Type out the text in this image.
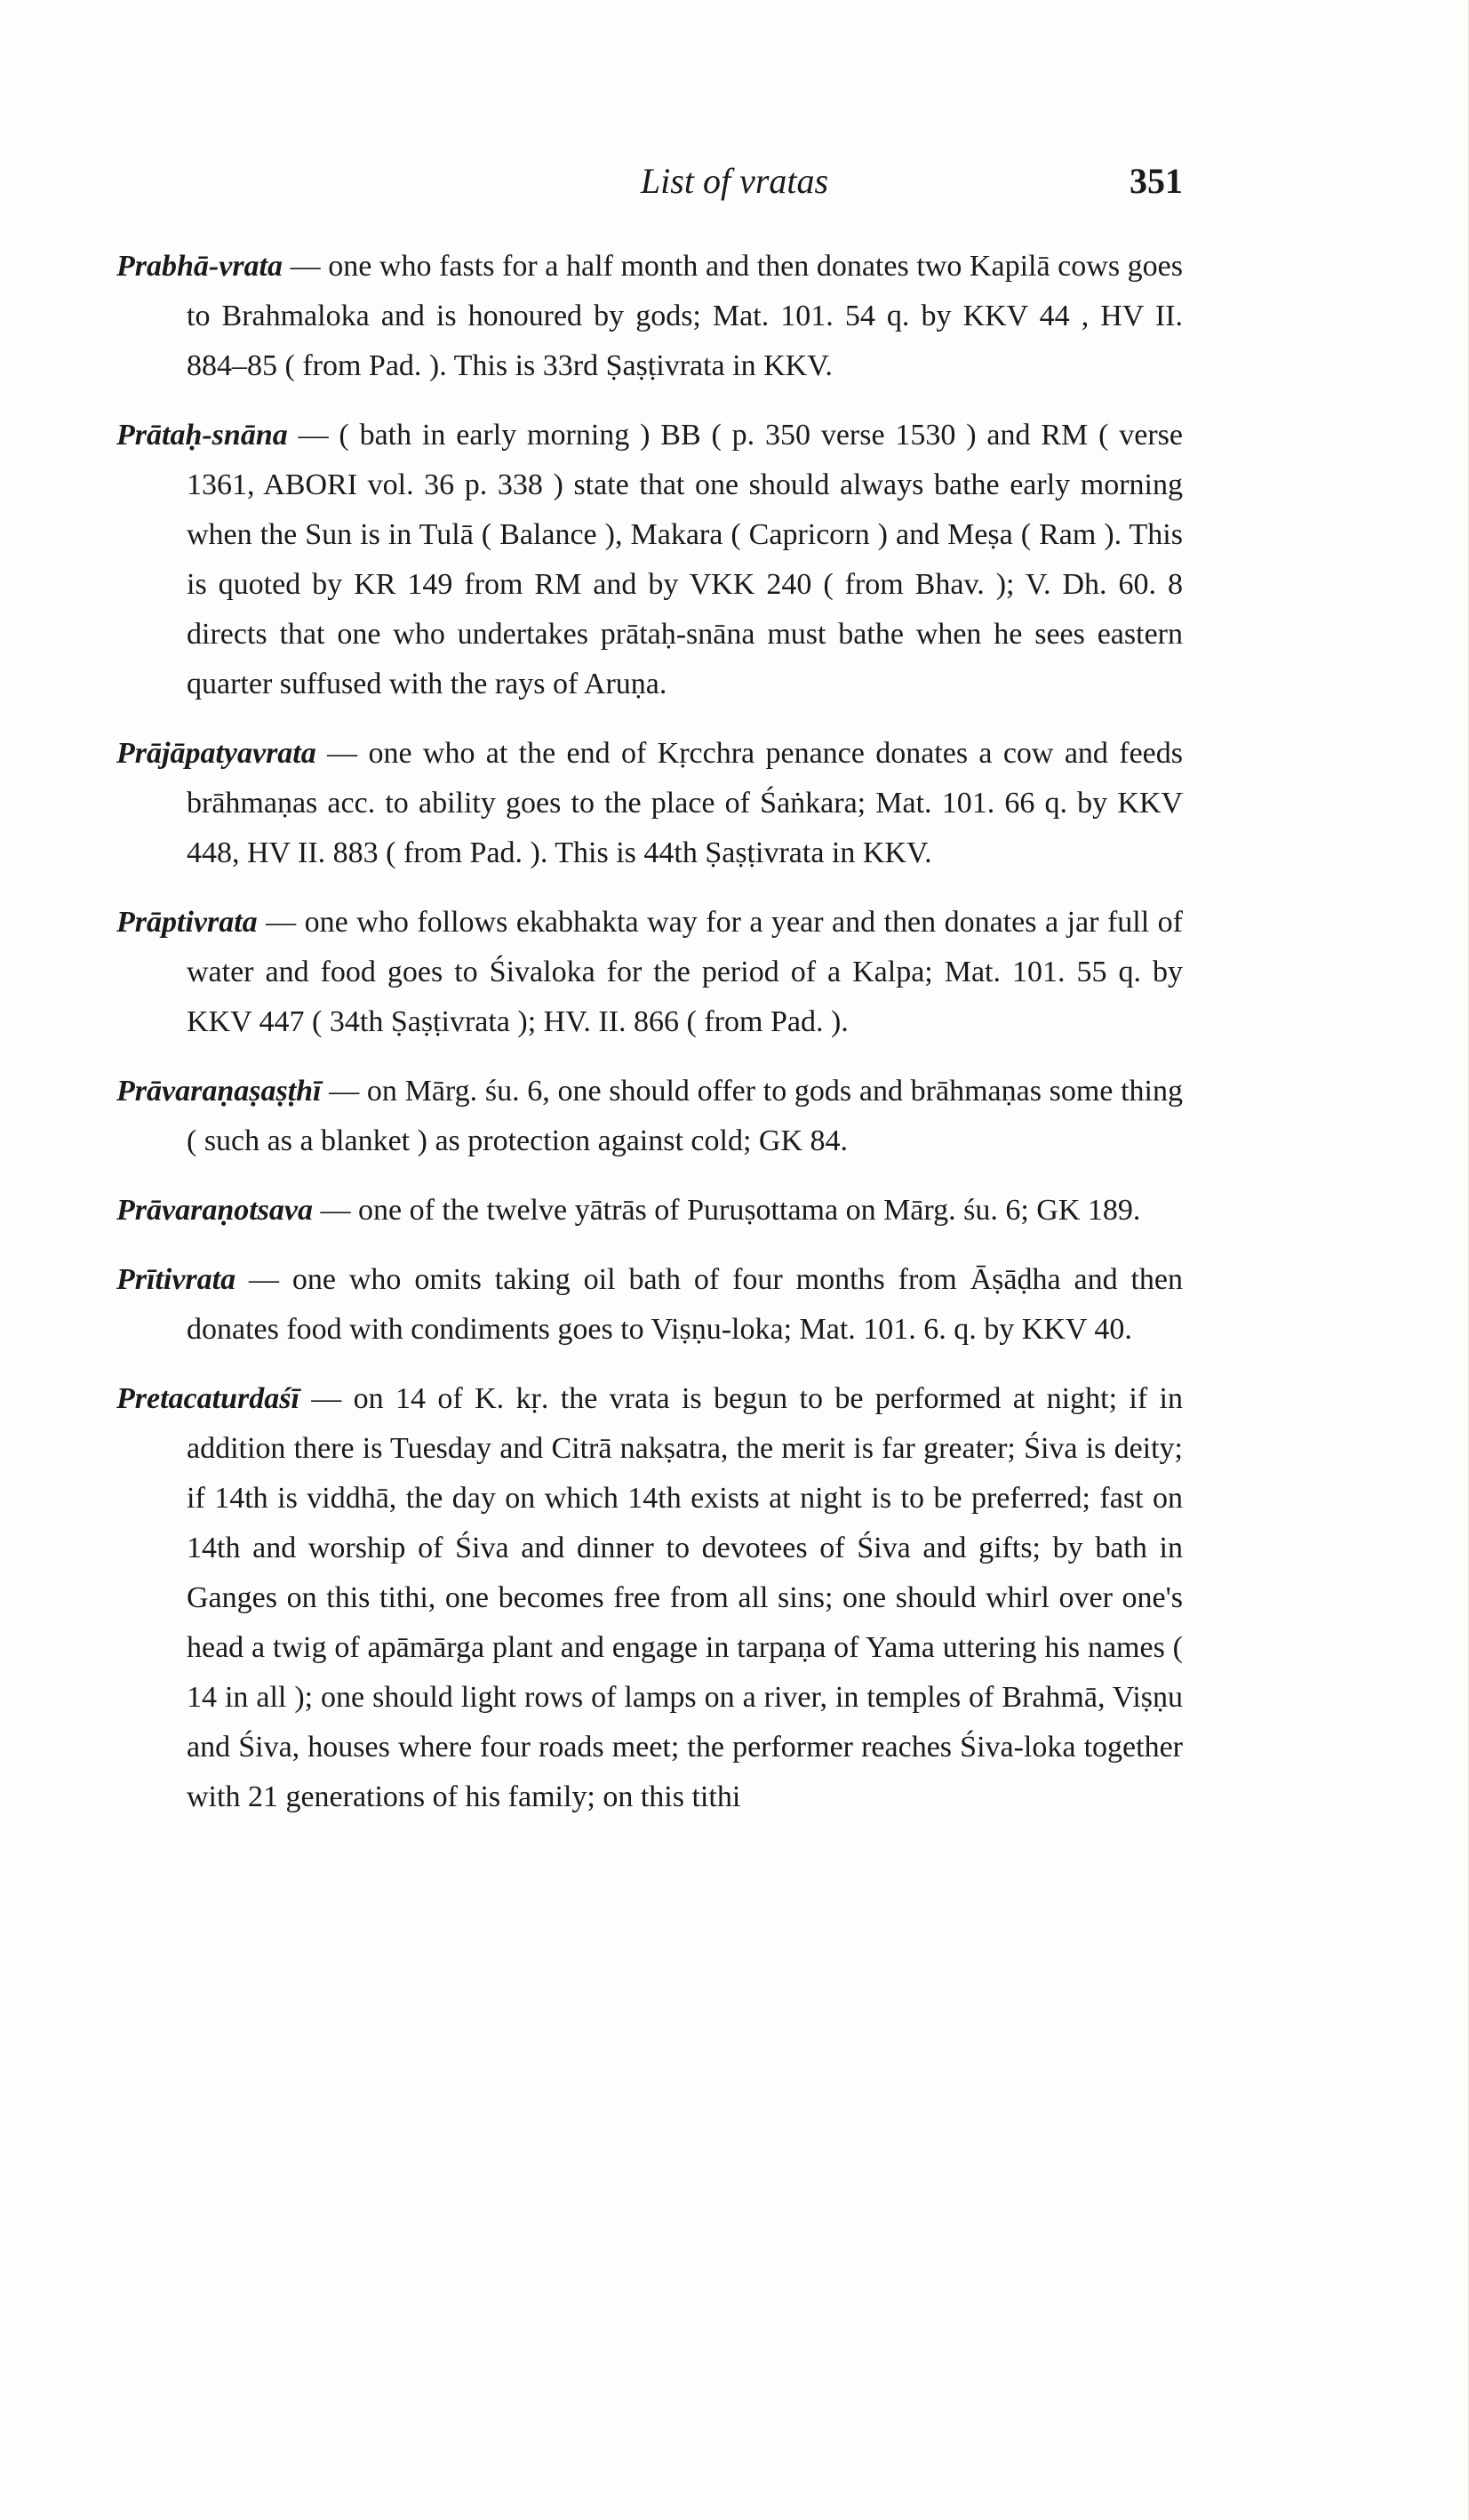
List of vratas	351

Prabhā-vrata — one who fasts for a half month and then donates two Kapilā cows goes to Brahmaloka and is honoured by gods; Mat. 101. 54 q. by KKV 44 , HV II. 884–85 ( from Pad. ). This is 33rd Ṣaṣṭivrata in KKV.

Prātaḥ-snāna — ( bath in early morning ) BB ( p. 350 verse 1530 ) and RM ( verse 1361, ABORI vol. 36 p. 338 ) state that one should always bathe early morning when the Sun is in Tulā ( Balance ), Makara ( Capricorn ) and Meṣa ( Ram ). This is quoted by KR 149 from RM and by VKK 240 ( from Bhav. ); V. Dh. 60. 8 directs that one who undertakes prātaḥ-snāna must bathe when he sees eastern quarter suffused with the rays of Aruṇa.

Prājāpatyavrata — one who at the end of Kṛcchra penance donates a cow and feeds brāhmaṇas acc. to ability goes to the place of Śaṅkara; Mat. 101. 66 q. by KKV 448, HV II. 883 ( from Pad. ). This is 44th Ṣaṣṭivrata in KKV.

Prāptivrata — one who follows ekabhakta way for a year and then donates a jar full of water and food goes to Śivaloka for the period of a Kalpa; Mat. 101. 55 q. by KKV 447 ( 34th Ṣaṣṭivrata ); HV. II. 866 ( from Pad. ).

Prāvaraṇaṣaṣṭhī — on Mārg. śu. 6, one should offer to gods and brāhmaṇas some thing ( such as a blanket ) as protection against cold; GK 84.

Prāvaraṇotsava — one of the twelve yātrās of Puruṣottama on Mārg. śu. 6; GK 189.

Prītivrata — one who omits taking oil bath of four months from Āṣāḍha and then donates food with condiments goes to Viṣṇu-loka; Mat. 101. 6. q. by KKV 40.

Pretacaturdaśī — on 14 of K. kṛ. the vrata is begun to be performed at night; if in addition there is Tuesday and Citrā nakṣatra, the merit is far greater; Śiva is deity; if 14th is viddhā, the day on which 14th exists at night is to be preferred; fast on 14th and worship of Śiva and dinner to devotees of Śiva and gifts; by bath in Ganges on this tithi, one becomes free from all sins; one should whirl over one's head a twig of apāmārga plant and engage in tarpaṇa of Yama uttering his names ( 14 in all ); one should light rows of lamps on a river, in temples of Brahmā, Viṣṇu and Śiva, houses where four roads meet; the performer reaches Śiva-loka together with 21 generations of his family; on this tithi
